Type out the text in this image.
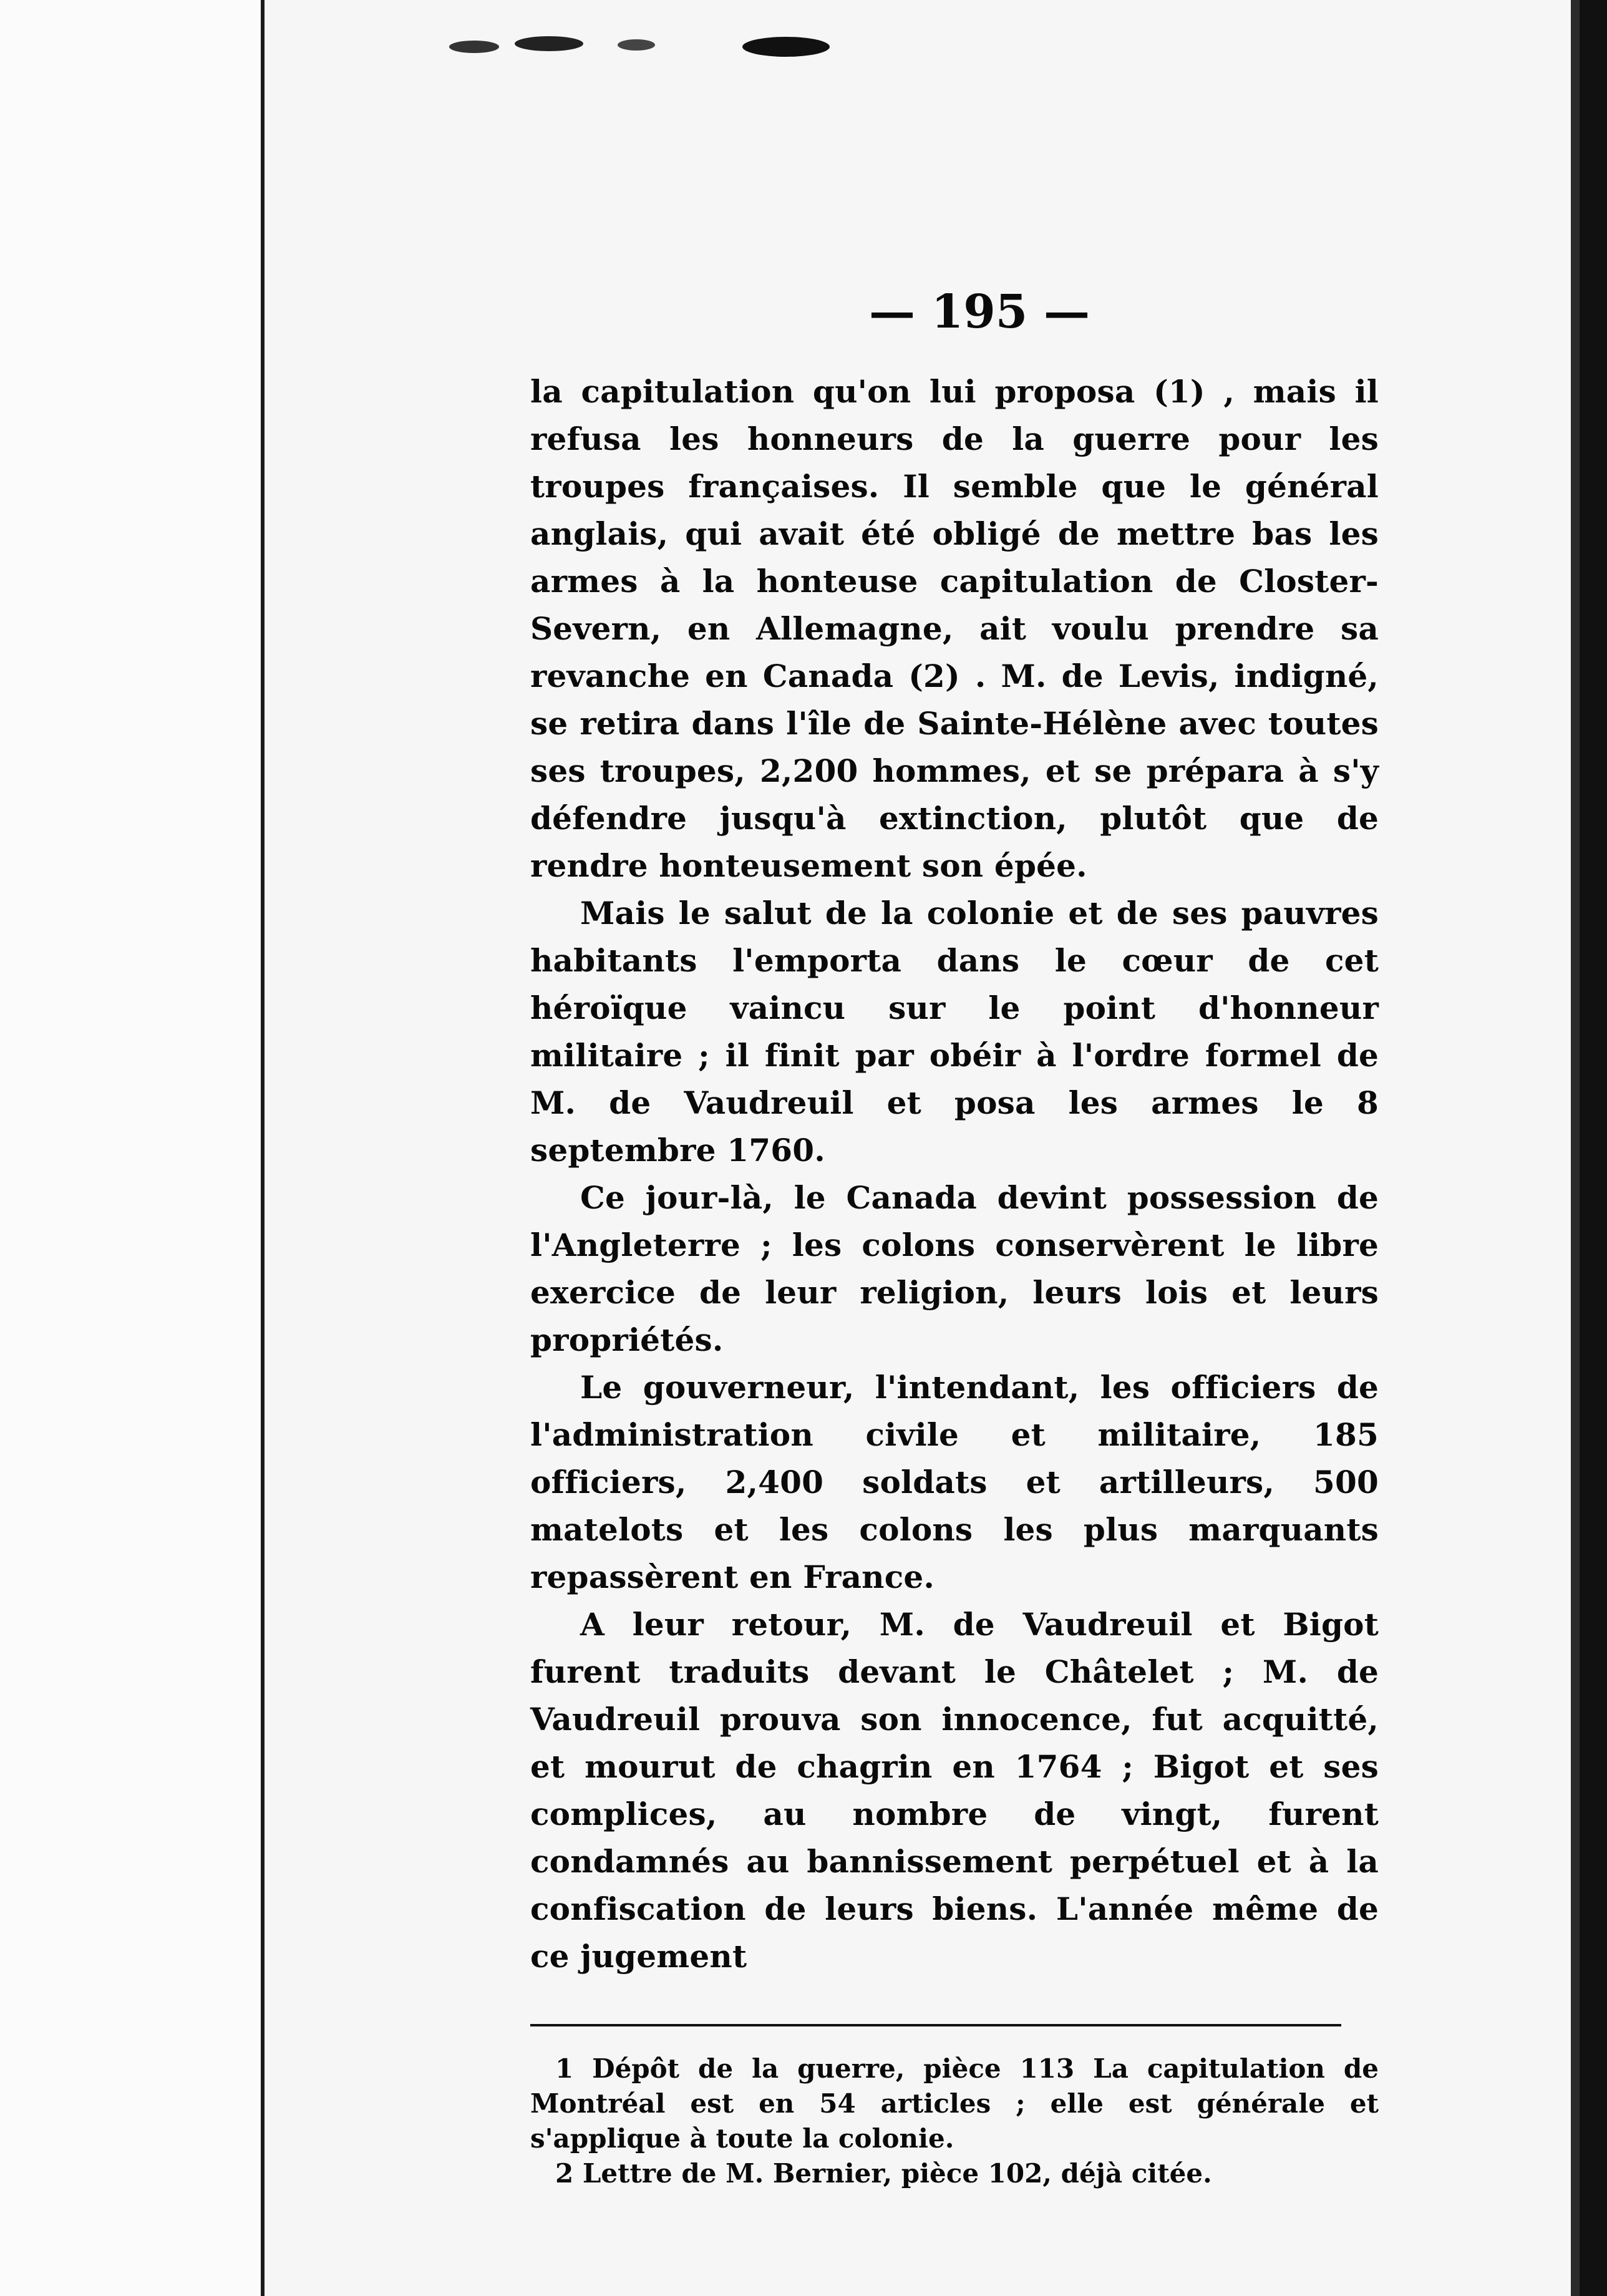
— 195 —

la capitulation qu'on lui proposa (1) , mais il refusa les honneurs de la guerre pour les troupes françaises. Il semble que le général anglais, qui avait été obligé de mettre bas les armes à la honteuse capitulation de Closter-Severn, en Allemagne, ait voulu prendre sa revanche en Canada (2) . M. de Levis, indigné, se retira dans l'île de Sainte-Hélène avec toutes ses troupes, 2,200 hommes, et se prépara à s'y défendre jusqu'à extinction, plutôt que de rendre honteusement son épée.

Mais le salut de la colonie et de ses pauvres habitants l'emporta dans le cœur de cet héroïque vaincu sur le point d'honneur militaire ; il finit par obéir à l'ordre formel de M. de Vaudreuil et posa les armes le 8 septembre 1760.

Ce jour-là, le Canada devint possession de l'Angleterre ; les colons conservèrent le libre exercice de leur religion, leurs lois et leurs propriétés.

Le gouverneur, l'intendant, les officiers de l'administration civile et militaire, 185 officiers, 2,400 soldats et artilleurs, 500 matelots et les colons les plus marquants repassèrent en France.

A leur retour, M. de Vaudreuil et Bigot furent traduits devant le Châtelet ; M. de Vaudreuil prouva son innocence, fut acquitté, et mourut de chagrin en 1764 ; Bigot et ses complices, au nombre de vingt, furent condamnés au bannissement perpétuel et à la confiscation de leurs biens. L'année même de ce jugement

1 Dépôt de la guerre, pièce 113 La capitulation de Montréal est en 54 articles ; elle est générale et s'applique à toute la colonie.

2 Lettre de M. Bernier, pièce 102, déjà citée.
